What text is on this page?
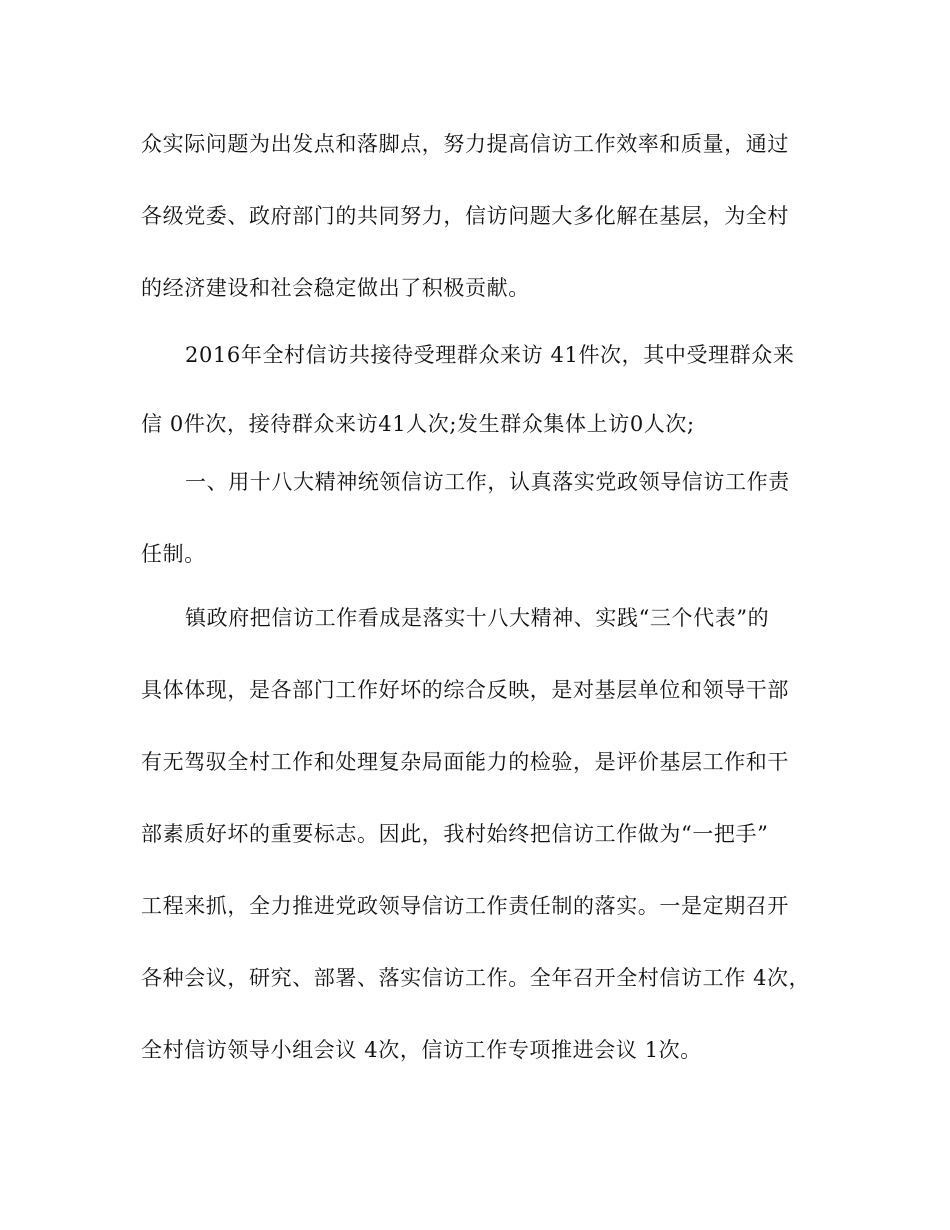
众实际问题为出发点和落脚点，努力提高信访工作效率和质量，通过
各级党委、政府部门的共同努力，信访问题大多化解在基层，为全村
的经济建设和社会稳定做出了积极贡献。
2016年全村信访共接待受理群众来访 41件次，其中受理群众来
信 0件次，接待群众来访41人次;发生群众集体上访0人次;
一、用十八大精神统领信访工作，认真落实党政领导信访工作责
任制。
镇政府把信访工作看成是落实十八大精神、实践“三个代表”的
具体体现，是各部门工作好坏的综合反映，是对基层单位和领导干部
有无驾驭全村工作和处理复杂局面能力的检验，是评价基层工作和干
部素质好坏的重要标志。因此，我村始终把信访工作做为“一把手”
工程来抓，全力推进党政领导信访工作责任制的落实。一是定期召开
各种会议，研究、部署、落实信访工作。全年召开全村信访工作 4次，
全村信访领导小组会议 4次，信访工作专项推进会议 1次。
